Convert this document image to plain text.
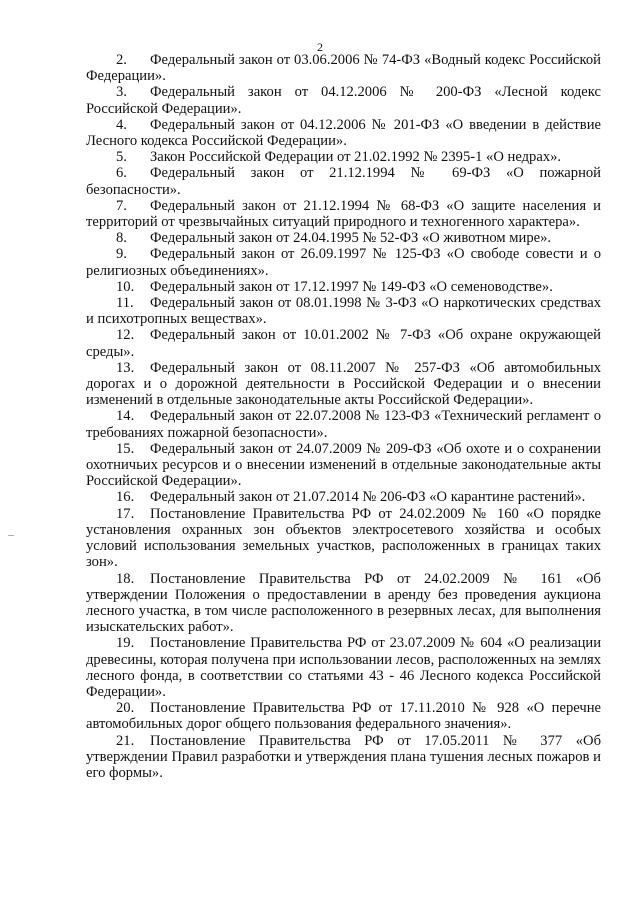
2

2. Федеральный закон от 03.06.2006 № 74-ФЗ «Водный кодекс Российской Федерации».

3. Федеральный закон от 04.12.2006 № 200-ФЗ «Лесной кодекс Российской Федерации».

4. Федеральный закон от 04.12.2006 № 201-ФЗ «О введении в действие Лесного кодекса Российской Федерации».

5. Закон Российской Федерации от 21.02.1992 № 2395-1 «О недрах».

6. Федеральный закон от 21.12.1994 № 69-ФЗ «О пожарной безопасности».

7. Федеральный закон от 21.12.1994 № 68-ФЗ «О защите населения и территорий от чрезвычайных ситуаций природного и техногенного характера».

8. Федеральный закон от 24.04.1995 № 52-ФЗ «О животном мире».

9. Федеральный закон от 26.09.1997 № 125-ФЗ «О свободе совести и о религиозных объединениях».

10. Федеральный закон от 17.12.1997 № 149-ФЗ «О семеноводстве».

11. Федеральный закон от 08.01.1998 № 3-ФЗ «О наркотических средствах и психотропных веществах».

12. Федеральный закон от 10.01.2002 № 7-ФЗ «Об охране окружающей среды».

13. Федеральный закон от 08.11.2007 № 257-ФЗ «Об автомобильных дорогах и о дорожной деятельности в Российской Федерации и о внесении изменений в отдельные законодательные акты Российской Федерации».

14. Федеральный закон от 22.07.2008 № 123-ФЗ «Технический регламент о требованиях пожарной безопасности».

15. Федеральный закон от 24.07.2009 № 209-ФЗ «Об охоте и о сохранении охотничьих ресурсов и о внесении изменений в отдельные законодательные акты Российской Федерации».

16. Федеральный закон от 21.07.2014 № 206-ФЗ «О карантине растений».

17. Постановление Правительства РФ от 24.02.2009 № 160 «О порядке установления охранных зон объектов электросетевого хозяйства и особых условий использования земельных участков, расположенных в границах таких зон».

18. Постановление Правительства РФ от 24.02.2009 № 161 «Об утверждении Положения о предоставлении в аренду без проведения аукциона лесного участка, в том числе расположенного в резервных лесах, для выполнения изыскательских работ».

19. Постановление Правительства РФ от 23.07.2009 № 604 «О реализации древесины, которая получена при использовании лесов, расположенных на землях лесного фонда, в соответствии со статьями 43 - 46 Лесного кодекса Российской Федерации».

20. Постановление Правительства РФ от 17.11.2010 № 928 «О перечне автомобильных дорог общего пользования федерального значения».

21. Постановление Правительства РФ от 17.05.2011 № 377 «Об утверждении Правил разработки и утверждения плана тушения лесных пожаров и его формы».
